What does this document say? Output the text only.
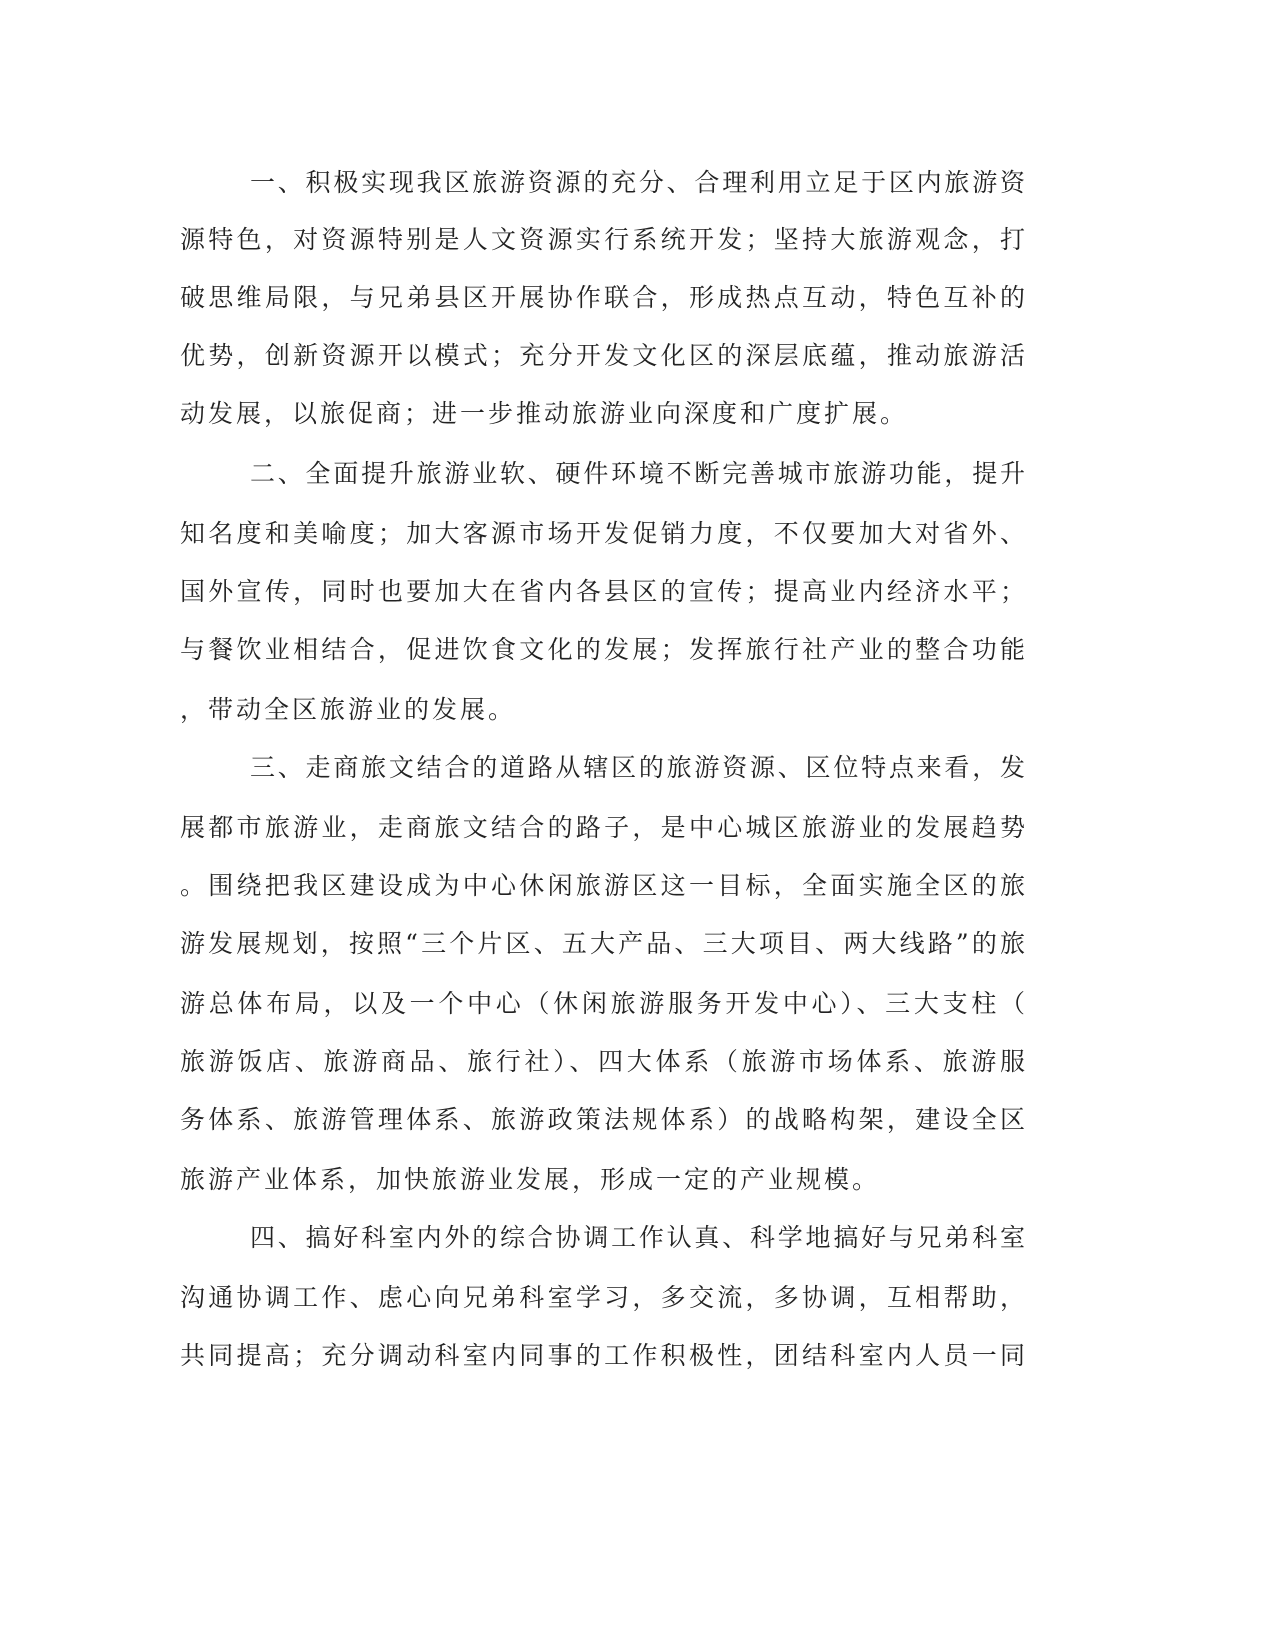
一、积极实现我区旅游资源的充分、合理利用立足于区内旅游资
源特色，对资源特别是人文资源实行系统开发；坚持大旅游观念，打
破思维局限，与兄弟县区开展协作联合，形成热点互动，特色互补的
优势，创新资源开以模式；充分开发文化区的深层底蕴，推动旅游活
动发展，以旅促商；进一步推动旅游业向深度和广度扩展。
二、全面提升旅游业软、硬件环境不断完善城市旅游功能，提升
知名度和美喻度；加大客源市场开发促销力度，不仅要加大对省外、
国外宣传，同时也要加大在省内各县区的宣传；提高业内经济水平；
与餐饮业相结合，促进饮食文化的发展；发挥旅行社产业的整合功能
，带动全区旅游业的发展。
三、走商旅文结合的道路从辖区的旅游资源、区位特点来看，发
展都市旅游业，走商旅文结合的路子，是中心城区旅游业的发展趋势
。围绕把我区建设成为中心休闲旅游区这一目标，全面实施全区的旅
游发展规划，按照“三个片区、五大产品、三大项目、两大线路”的旅
游总体布局，以及一个中心（休闲旅游服务开发中心）、三大支柱（
旅游饭店、旅游商品、旅行社）、四大体系（旅游市场体系、旅游服
务体系、旅游管理体系、旅游政策法规体系）的战略构架，建设全区
旅游产业体系，加快旅游业发展，形成一定的产业规模。
四、搞好科室内外的综合协调工作认真、科学地搞好与兄弟科室
沟通协调工作、虑心向兄弟科室学习，多交流，多协调，互相帮助，
共同提高；充分调动科室内同事的工作积极性，团结科室内人员一同
